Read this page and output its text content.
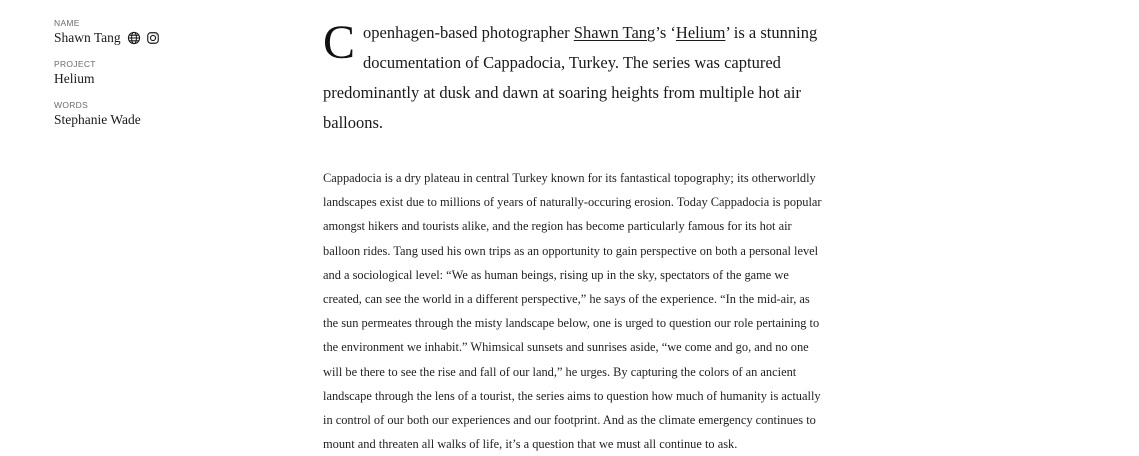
NAME
Shawn Tang
PROJECT
Helium
WORDS
Stephanie Wade

Copenhagen-based photographer Shawn Tang’s ‘Helium’ is a stunning documentation of Cappadocia, Turkey. The series was captured predominantly at dusk and dawn at soaring heights from multiple hot air balloons.

Cappadocia is a dry plateau in central Turkey known for its fantastical topography; its otherworldly landscapes exist due to millions of years of naturally-occuring erosion. Today Cappadocia is popular amongst hikers and tourists alike, and the region has become particularly famous for its hot air balloon rides. Tang used his own trips as an opportunity to gain perspective on both a personal level and a sociological level: “We as human beings, rising up in the sky, spectators of the game we created, can see the world in a different perspective,” he says of the experience. “In the mid-air, as the sun permeates through the misty landscape below, one is urged to question our role pertaining to the environment we inhabit.” Whimsical sunsets and sunrises aside, “we come and go, and no one will be there to see the rise and fall of our land,” he urges. By capturing the colors of an ancient landscape through the lens of a tourist, the series aims to question how much of humanity is actually in control of our both our experiences and our footprint. And as the climate emergency continues to mount and threaten all walks of life, it’s a question that we must all continue to ask.
